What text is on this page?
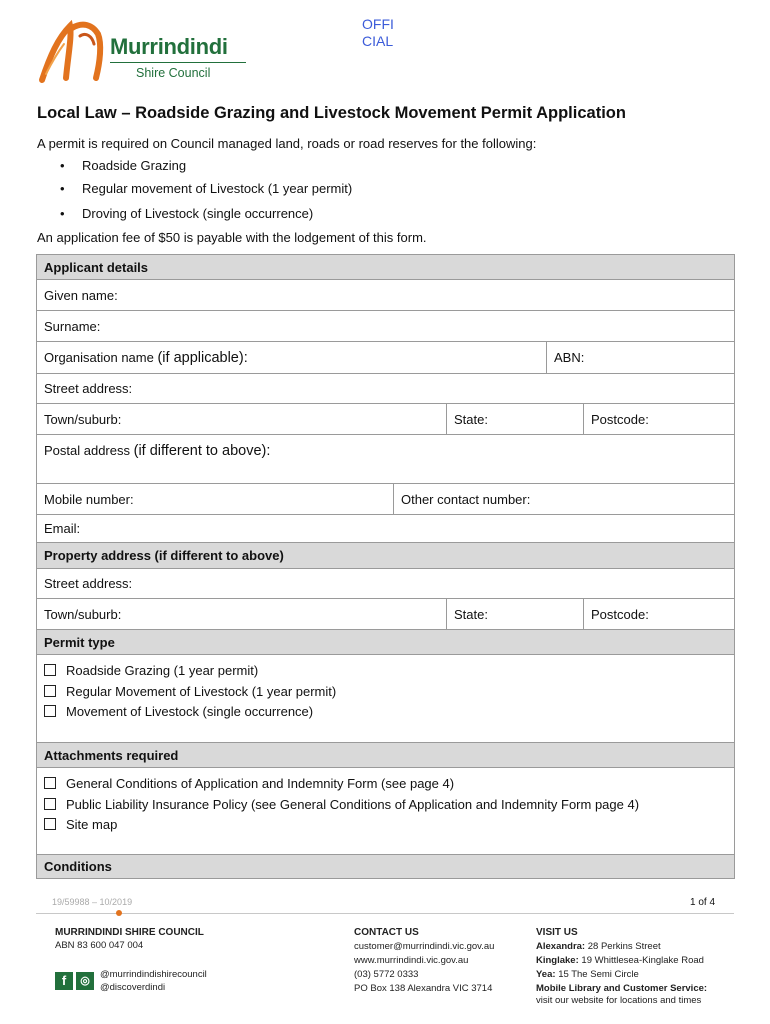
Murrindindi
Shire Council
OFFI
CIAL
Local Law – Roadside Grazing and Livestock Movement Permit Application
A permit is required on Council managed land, roads or road reserves for the following:
• Roadside Grazing
• Regular movement of Livestock (1 year permit)
• Droving of Livestock (single occurrence)
An application fee of $50 is payable with the lodgement of this form.
Applicant details				
Given name:				
Surname:				
Organisation name (if applicable):			ABN:	
Street address:				
Town/suburb:		State:		Postcode:
Postal address (if different to above):				
Mobile number:	Other contact number:			
Email:				
Property address (if different to above)				
Street address:				
Town/suburb:		State:		Postcode:
Permit type				

Roadside Grazing (1 year permit)
Regular Movement of Livestock (1 year permit)
Movement of Livestock (single occurrence)				

Attachments required				

General Conditions of Application and Indemnity Form (see page 4)
Public Liability Insurance Policy (see General Conditions of Application and Indemnity Form page 4)
Site map				

Conditions				
19/59988 – 10/2019	1 of 4
MURRINDINDI SHIRE COUNCIL
ABN 83 600 047 004
f	◎
@murrindindishirecouncil
@discoverdindi
CONTACT US
customer@murrindindi.vic.gov.au
www.murrindindi.vic.gov.au
(03) 5772 0333
PO Box 138 Alexandra VIC 3714
VISIT US
Alexandra: 28 Perkins Street
Kinglake: 19 Whittlesea-Kinglake Road
Yea: 15 The Semi Circle
Mobile Library and Customer Service:
visit our website for locations and times
